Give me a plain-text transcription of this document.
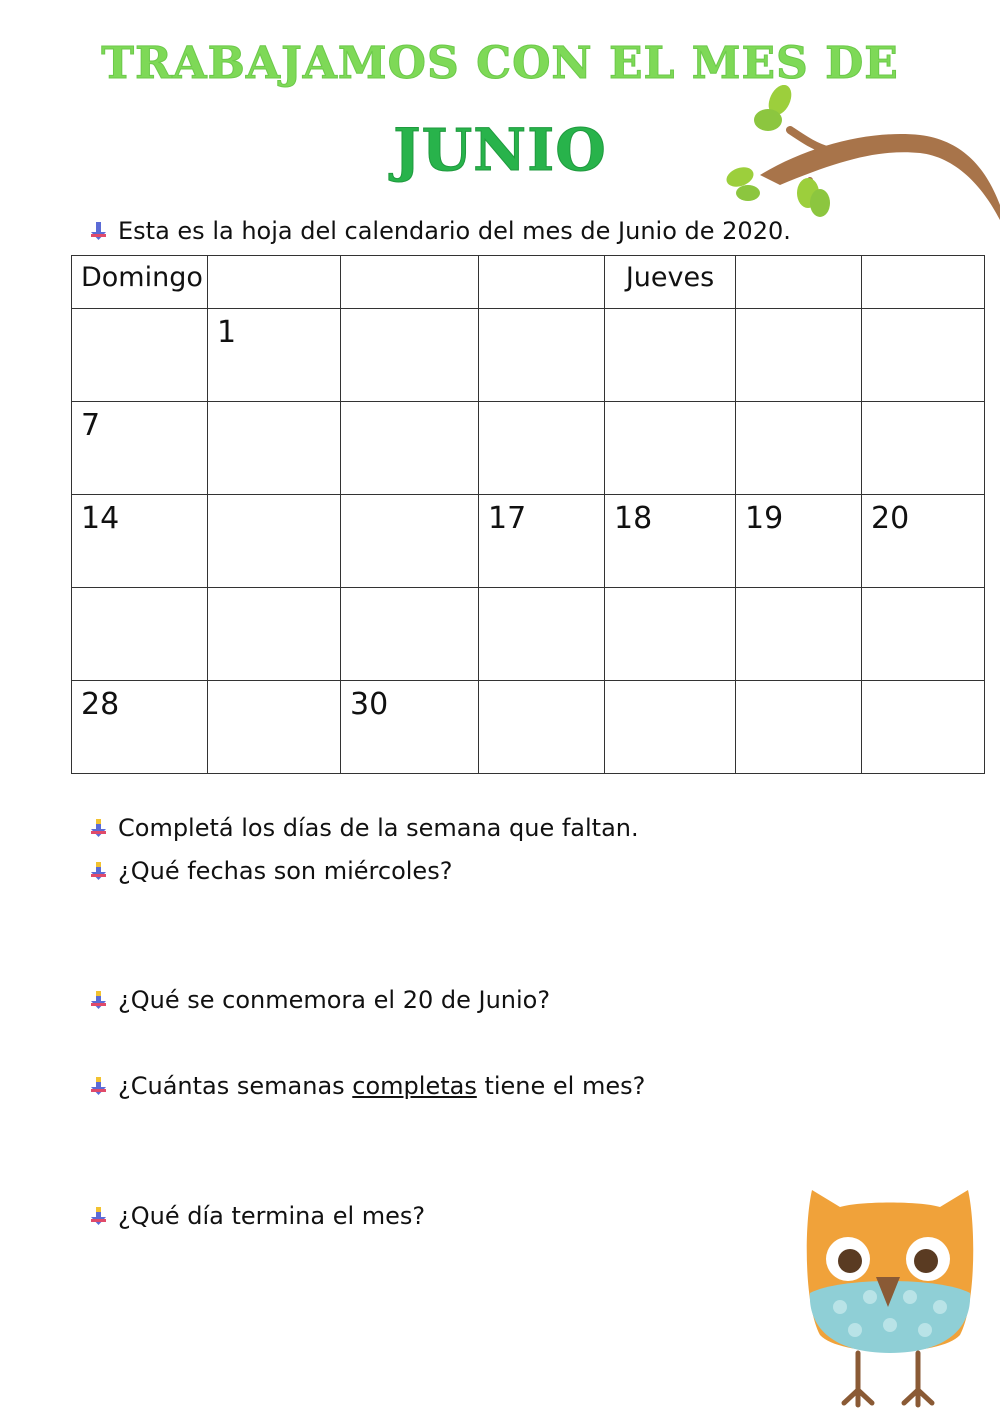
TRABAJAMOS CON EL MES DE
JUNIO
Esta es la hoja del calendario del mes de Junio de 2020.
Domingo				Jueves		
	1					
7						
14			17	18	19	20

28		30				
Completá los días de la semana que faltan.
¿Qué fechas son miércoles?
¿Qué se conmemora el 20 de Junio?
¿Cuántas semanas completas tiene el mes?
¿Qué día termina el mes?
